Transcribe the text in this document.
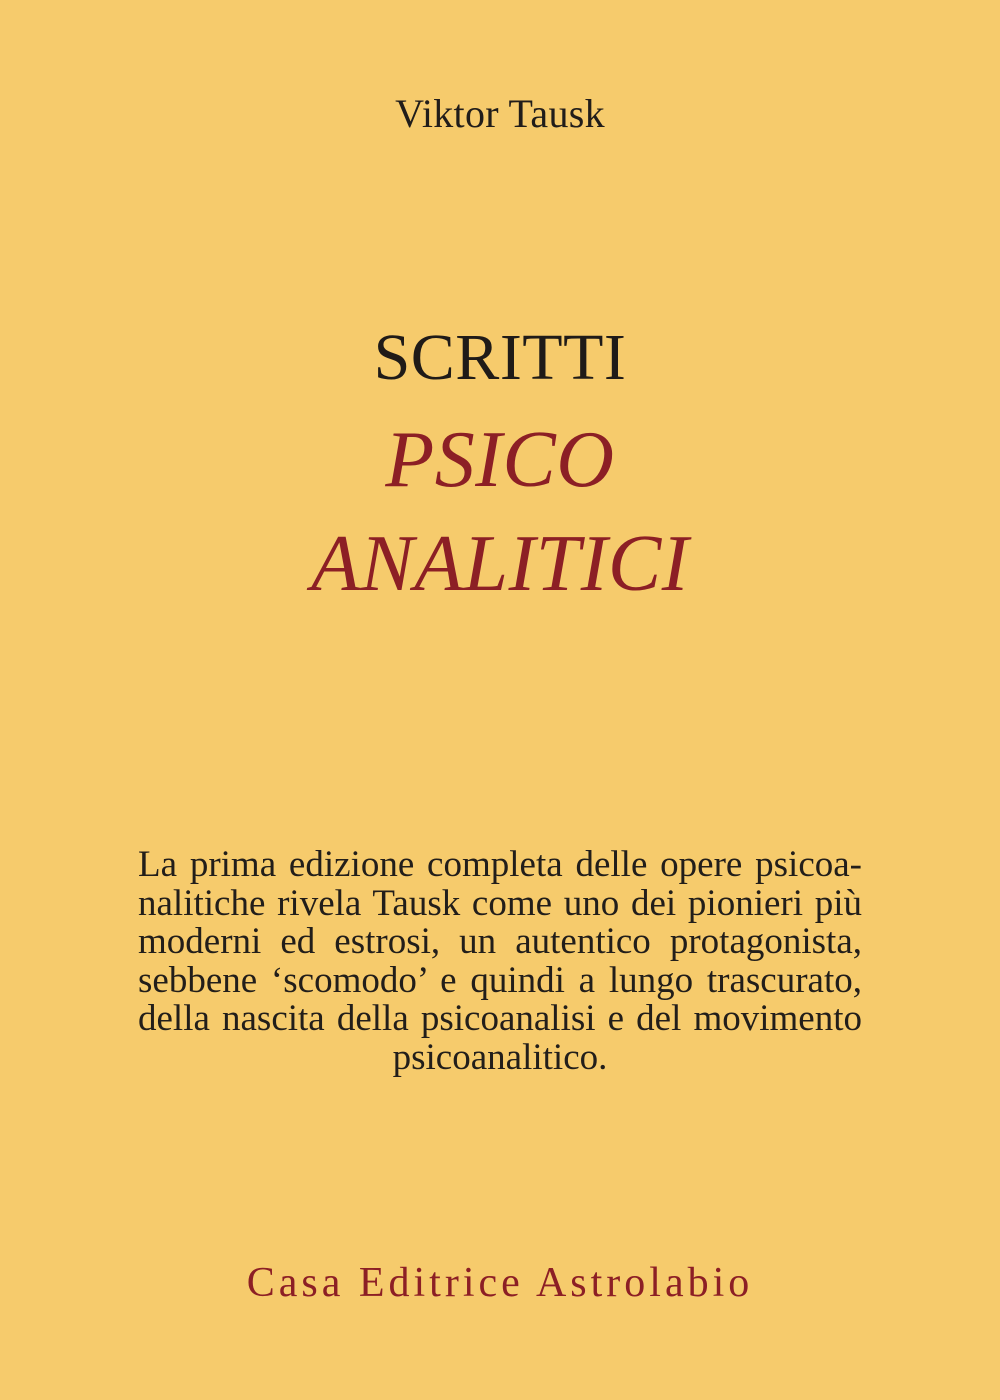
Viktor Tausk
SCRITTI
PSICO
ANALITICI
La prima edizione completa delle opere psicoa-
nalitiche rivela Tausk come uno dei pionieri più
moderni ed estrosi, un autentico protagonista,
sebbene ‘scomodo’ e quindi a lungo trascurato,
della nascita della psicoanalisi e del movimento
psicoanalitico.
Casa Editrice Astrolabio
